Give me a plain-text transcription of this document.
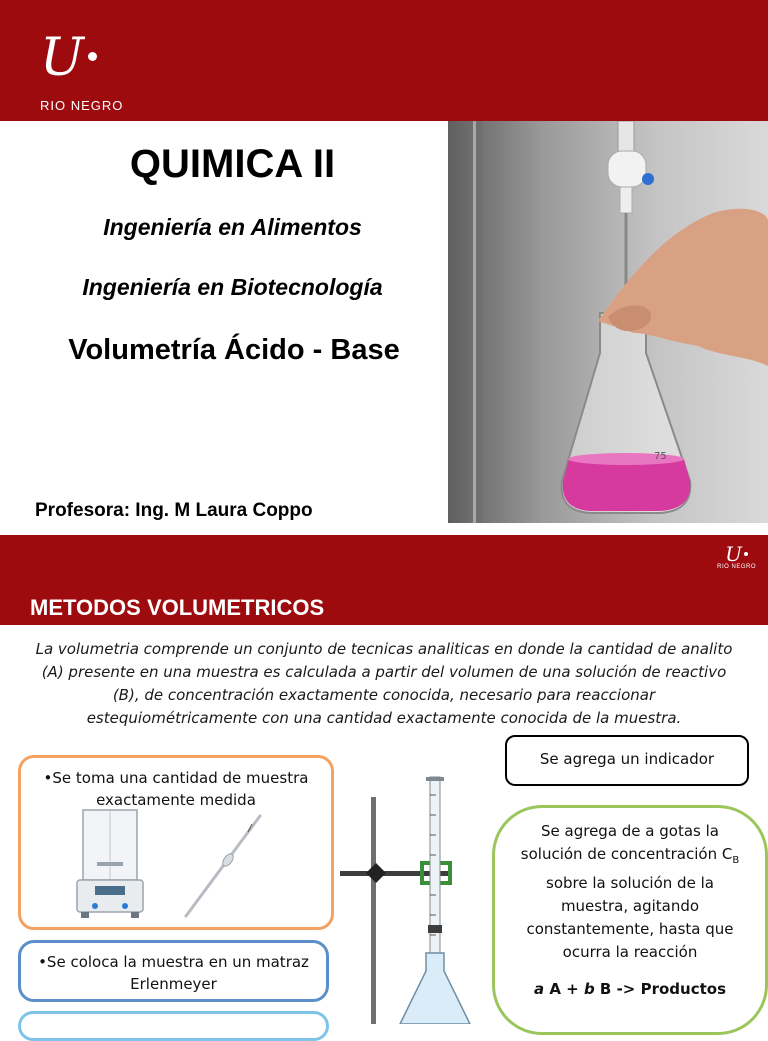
U
RIO NEGRO
QUIMICA II
Ingeniería en Alimentos
Ingeniería en Biotecnología
Volumetría Ácido - Base
Profesora: Ing. M Laura Coppo
75
U
RIO NEGRO
METODOS VOLUMETRICOS
La volumetria comprende un conjunto de tecnicas analiticas en donde la cantidad de analito (A) presente en una muestra es calculada a partir del volumen de una solución de reactivo (B), de concentración exactamente conocida, necesario para reaccionar estequiométricamente con una cantidad exactamente conocida de la muestra.
•Se toma una cantidad de muestra exactamente medida
•Se coloca la muestra en un matraz Erlenmeyer
Se agrega un indicador
Se agrega de a gotas la solución de concentración $C_B$ sobre la solución de la muestra, agitando constantemente, hasta que ocurra la reacción
a A + b B -> Productos
